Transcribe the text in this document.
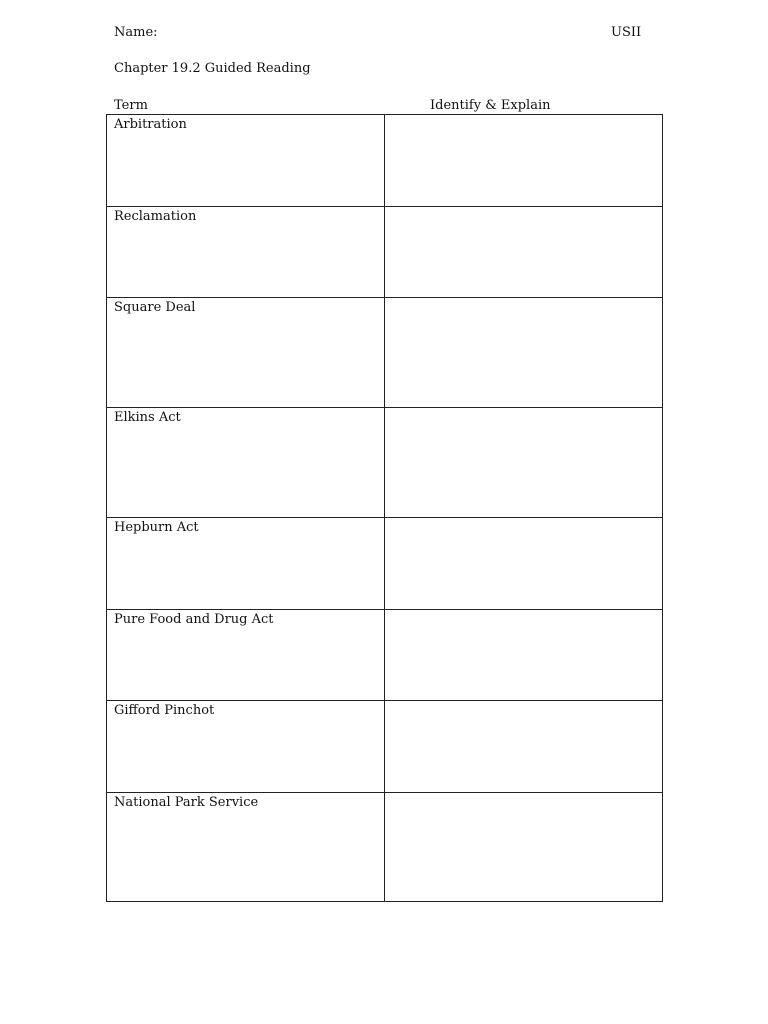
Name:	USII
Chapter 19.2 Guided Reading
Term	Identify & Explain
Arbitration	
Reclamation	
Square Deal	
Elkins Act	
Hepburn Act	
Pure Food and Drug Act	
Gifford Pinchot	
National Park Service	
